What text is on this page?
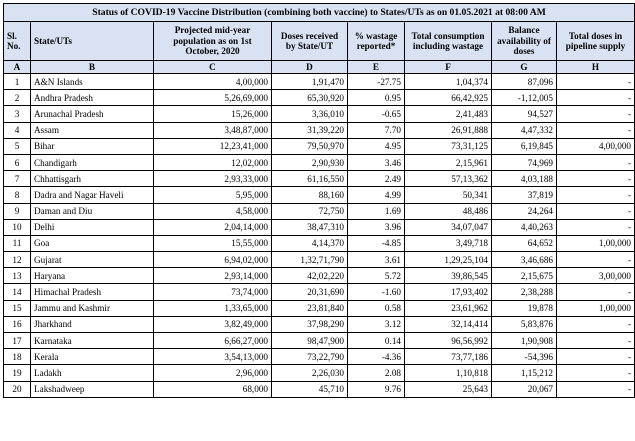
Status of COVID-19 Vaccine Distribution (combining both vaccine) to States/UTs as on 01.05.2021 at 08:00 AM							
Sl. No.	State/UTs	Projected mid-year population as on 1st October, 2020	Doses received by State/UT	% wastage reported*	Total consumption including wastage	Balance availability of doses	Total doses in pipeline supply
A	B	C	D	E	F	G	H
1	A&N Islands	4,00,000	1,91,470	-27.75	1,04,374	87,096	-
2	Andhra Pradesh	5,26,69,000	65,30,920	0.95	66,42,925	-1,12,005	-
3	Arunachal Pradesh	15,26,000	3,36,010	-0.65	2,41,483	94,527	-
4	Assam	3,48,87,000	31,39,220	7.70	26,91,888	4,47,332	-
5	Bihar	12,23,41,000	79,50,970	4.95	73,31,125	6,19,845	4,00,000
6	Chandigarh	12,02,000	2,90,930	3.46	2,15,961	74,969	-
7	Chhattisgarh	2,93,33,000	61,16,550	2.49	57,13,362	4,03,188	-
8	Dadra and Nagar Haveli	5,95,000	88,160	4.99	50,341	37,819	-
9	Daman and Diu	4,58,000	72,750	1.69	48,486	24,264	-
10	Delhi	2,04,14,000	38,47,310	3.96	34,07,047	4,40,263	-
11	Goa	15,55,000	4,14,370	-4.85	3,49,718	64,652	1,00,000
12	Gujarat	6,94,02,000	1,32,71,790	3.61	1,29,25,104	3,46,686	-
13	Haryana	2,93,14,000	42,02,220	5.72	39,86,545	2,15,675	3,00,000
14	Himachal Pradesh	73,74,000	20,31,690	-1.60	17,93,402	2,38,288	-
15	Jammu and Kashmir	1,33,65,000	23,81,840	0.58	23,61,962	19,878	1,00,000
16	Jharkhand	3,82,49,000	37,98,290	3.12	32,14,414	5,83,876	-
17	Karnataka	6,66,27,000	98,47,900	0.14	96,56,992	1,90,908	-
18	Kerala	3,54,13,000	73,22,790	-4.36	73,77,186	-54,396	-
19	Ladakh	2,96,000	2,26,030	2.08	1,10,818	1,15,212	-
20	Lakshadweep	68,000	45,710	9.76	25,643	20,067	-
